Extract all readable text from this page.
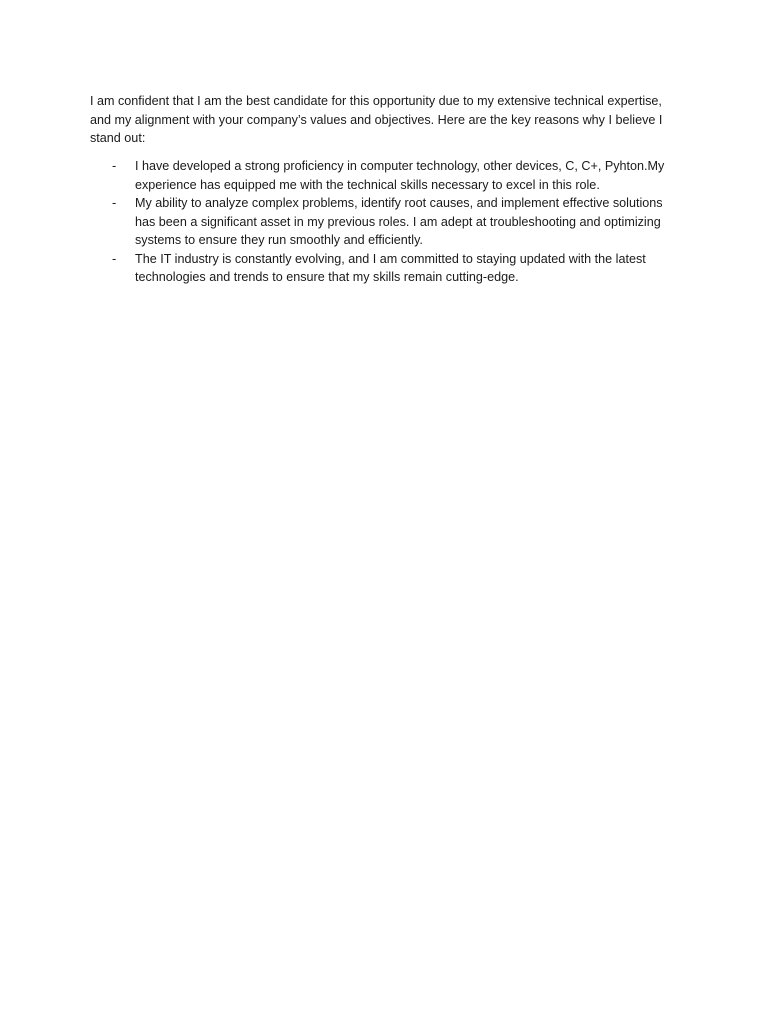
I am confident that I am the best candidate for this opportunity due to my extensive technical expertise, and my alignment with your company’s values and objectives. Here are the key reasons why I believe I stand out:

- I have developed a strong proficiency in computer technology, other devices, C, C+, Pyhton.My experience has equipped me with the technical skills necessary to excel in this role.
- My ability to analyze complex problems, identify root causes, and implement effective solutions has been a significant asset in my previous roles. I am adept at troubleshooting and optimizing systems to ensure they run smoothly and efficiently.
- The IT industry is constantly evolving, and I am committed to staying updated with the latest technologies and trends to ensure that my skills remain cutting-edge.
